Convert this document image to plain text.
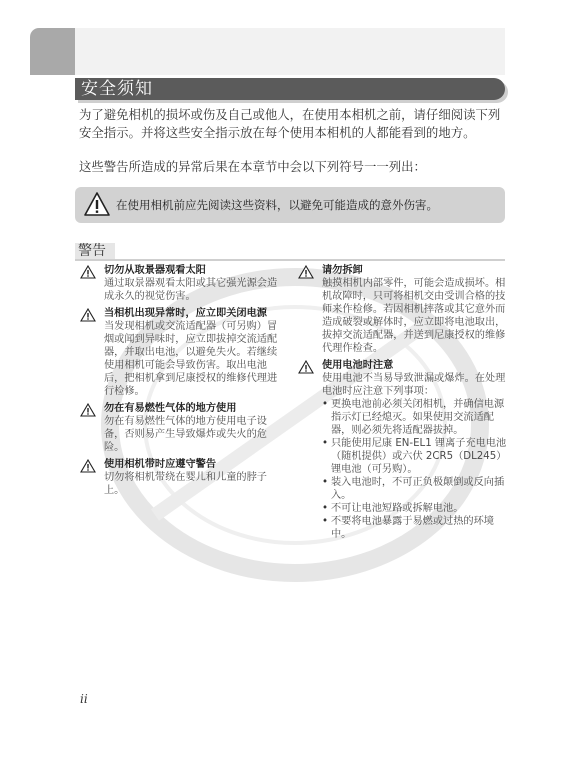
安全须知
为了避免相机的损坏或伤及自己或他人，在使用本相机之前，请仔细阅读下列安全指示。并将这些安全指示放在每个使用本相机的人都能看到的地方。
这些警告所造成的异常后果在本章节中会以下列符号一一列出：
在使用相机前应先阅读这些资料，以避免可能造成的意外伤害。
警告
切勿从取景器观看太阳

通过取景器观看太阳或其它强光源会造成永久的视觉伤害。

当相机出现异常时，应立即关闭电源

当发现相机或交流适配器（可另购）冒烟或闻到异味时，应立即拔掉交流适配器，并取出电池，以避免失火。若继续使用相机可能会导致伤害。取出电池后，把相机拿到尼康授权的维修代理进行检修。

勿在有易燃性气体的地方使用

勿在有易燃性气体的地方使用电子设备，否则易产生导致爆炸或失火的危险。

使用相机带时应遵守警告

切勿将相机带绕在婴儿和儿童的脖子上。

请勿拆卸

触摸相机内部零件，可能会造成损坏。相机故障时，只可将相机交由受训合格的技师来作检修。若因相机摔落或其它意外而造成破裂或解体时，应立即将电池取出，拔掉交流适配器，并送到尼康授权的维修代理作检查。

使用电池时注意

使用电池不当易导致泄漏或爆炸。在处理电池时应注意下列事项：

• 更换电池前必须关闭相机，并确信电源指示灯已经熄灭。如果使用交流适配器，则必须先将适配器拔掉。
• 只能使用尼康 EN-EL1 锂离子充电电池（随机提供）或六伏 2CR5（DL245）锂电池（可另购）。
• 装入电池时，不可正负极颠倒或反向插入。
• 不可让电池短路或拆解电池。
• 不要将电池暴露于易燃或过热的环境中。
ii
